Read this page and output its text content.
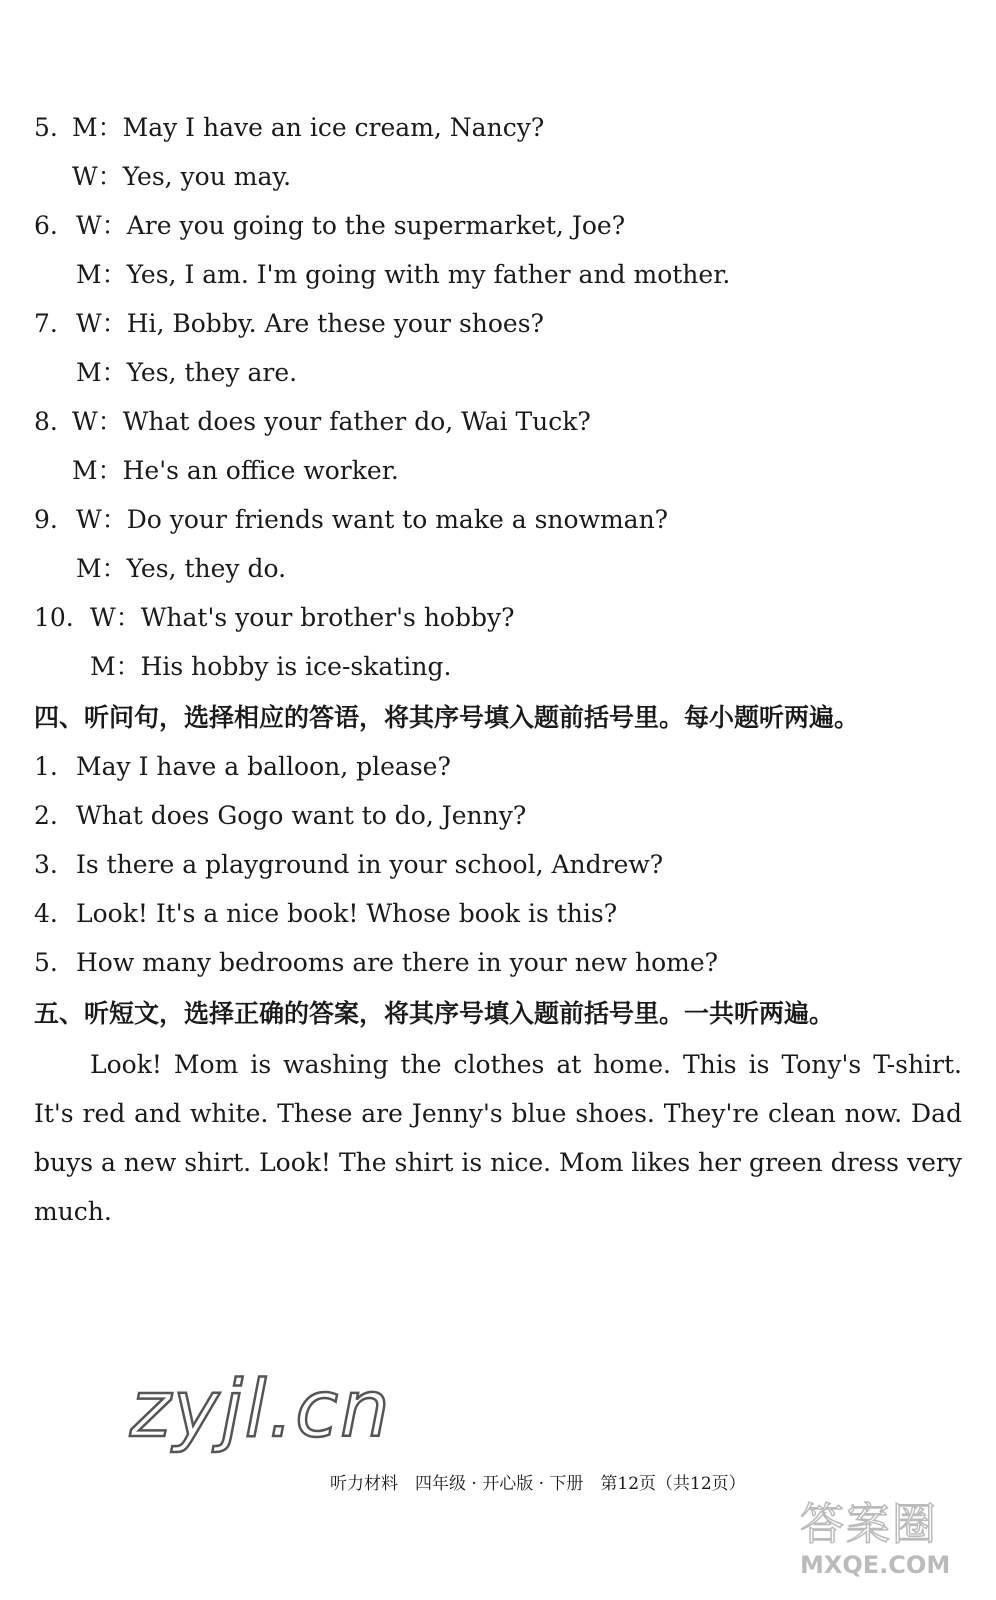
5. M：May I have an ice cream, Nancy?
W：Yes, you may.
6. W：Are you going to the supermarket, Joe?
M：Yes, I am. I'm going with my father and mother.
7. W：Hi, Bobby. Are these your shoes?
M：Yes, they are.
8. W：What does your father do, Wai Tuck?
M：He's an office worker.
9. W：Do your friends want to make a snowman?
M：Yes, they do.
10. W：What's your brother's hobby?
M：His hobby is ice-skating.
四、听问句，选择相应的答语，将其序号填入题前括号里。每小题听两遍。
1. May I have a balloon, please?
2. What does Gogo want to do, Jenny?
3. Is there a playground in your school, Andrew?
4. Look! It's a nice book! Whose book is this?
5. How many bedrooms are there in your new home?
五、听短文，选择正确的答案，将其序号填入题前括号里。一共听两遍。
Look! Mom is washing the clothes at home. This is Tony's T-shirt. It's red and white. These are Jenny's blue shoes. They're clean now. Dad buys a new shirt. Look! The shirt is nice. Mom likes her green dress very much.
zyjl.cn
听力材料　四年级 · 开心版 · 下册　第12页（共12页）
答案圈
MXQE.COM
